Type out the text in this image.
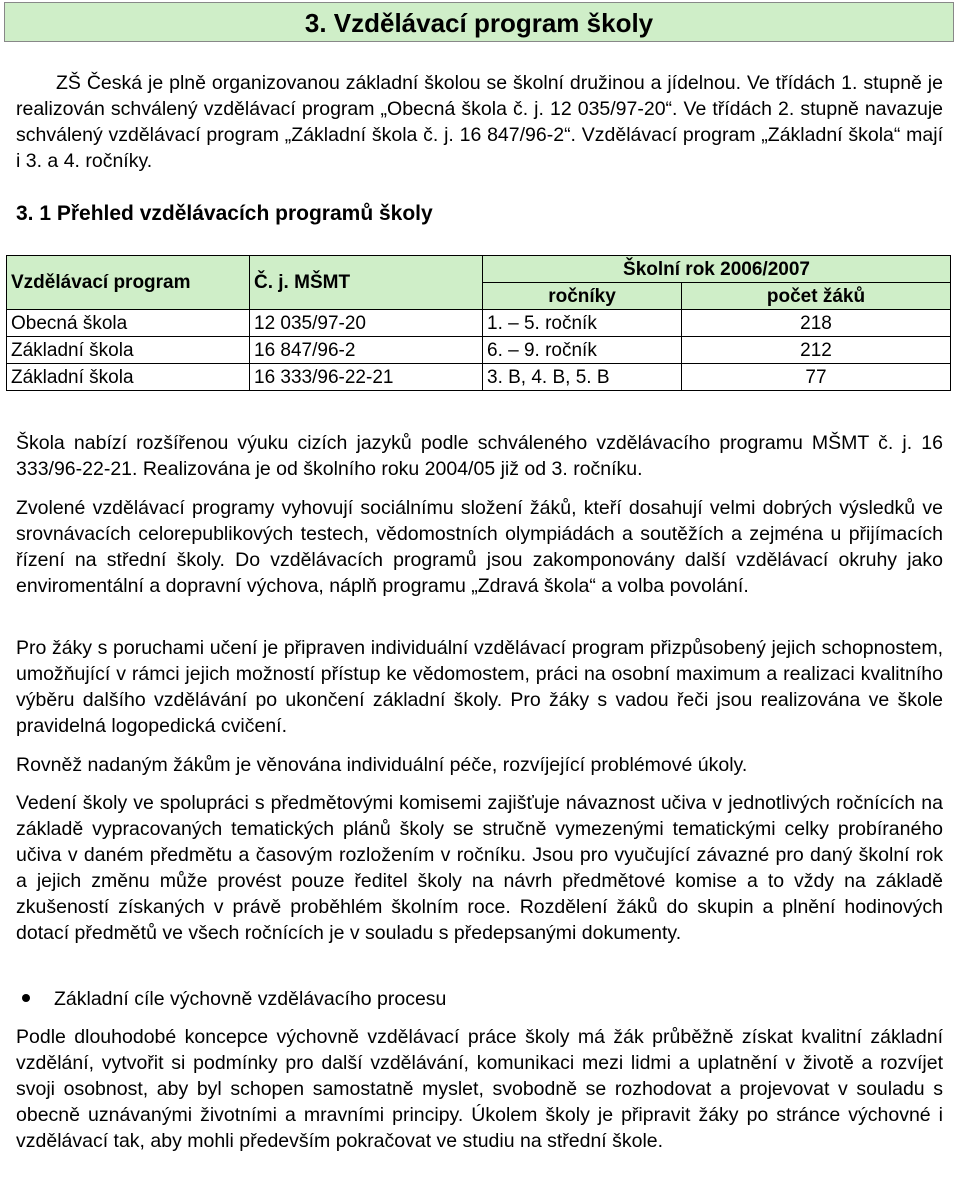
3. Vzdělávací program školy

ZŠ Česká je plně organizovanou základní školou se školní družinou a jídelnou. Ve třídách 1. stupně je realizován schválený vzdělávací program „Obecná škola č. j. 12 035/97-20“. Ve třídách 2. stupně navazuje schválený vzdělávací program „Základní škola č. j. 16 847/96-2“. Vzdělávací program „Základní škola“ mají i 3. a 4. ročníky.

3. 1 Přehled vzdělávacích programů školy
Vzdělávací program	Č. j. MŠMT	Školní rok 2006/2007	
		ročníky	počet žáků
Obecná škola	12 035/97-20	1. – 5. ročník	218
Základní škola	16 847/96-2	6. – 9. ročník	212
Základní škola	16 333/96-22-21	3. B, 4. B, 5. B	77

Škola nabízí rozšířenou výuku cizích jazyků podle schváleného vzdělávacího programu MŠMT č. j. 16 333/96-22-21. Realizována je od školního roku 2004/05 již od 3. ročníku.

Zvolené vzdělávací programy vyhovují sociálnímu složení žáků, kteří dosahují velmi dobrých výsledků ve srovnávacích celorepublikových testech, vědomostních olympiádách a soutěžích a zejména u přijímacích řízení na střední školy. Do vzdělávacích programů jsou zakomponovány další vzdělávací okruhy jako enviromentální a dopravní výchova, náplň programu „Zdravá škola“ a volba povolání.

Pro žáky s poruchami učení je připraven individuální vzdělávací program přizpůsobený jejich schopnostem, umožňující v rámci jejich možností přístup ke vědomostem, práci na osobní maximum a realizaci kvalitního výběru dalšího vzdělávání po ukončení základní školy. Pro žáky s vadou řeči jsou realizována ve škole pravidelná logopedická cvičení.

Rovněž nadaným žákům je věnována individuální péče, rozvíjející problémové úkoly.

Vedení školy ve spolupráci s předmětovými komisemi zajišťuje návaznost učiva v jednotlivých ročnících na základě vypracovaných tematických plánů školy se stručně vymezenými tematickými celky probíraného učiva v daném předmětu a časovým rozložením v ročníku. Jsou pro vyučující závazné pro daný školní rok a jejich změnu může provést pouze ředitel školy na návrh předmětové komise a to vždy na základě zkušeností získaných v právě proběhlém školním roce. Rozdělení žáků do skupin a plnění hodinových dotací předmětů ve všech ročnících je v souladu s předepsanými dokumenty.

Základní cíle výchovně vzdělávacího procesu

Podle dlouhodobé koncepce výchovně vzdělávací práce školy má žák průběžně získat kvalitní základní vzdělání, vytvořit si podmínky pro další vzdělávání, komunikaci mezi lidmi a uplatnění v životě a rozvíjet svoji osobnost, aby byl schopen samostatně myslet, svobodně se rozhodovat a projevovat v souladu s obecně uznávanými životními a mravními principy. Úkolem školy je připravit žáky po stránce výchovné i vzdělávací tak, aby mohli především pokračovat ve studiu na střední škole.
